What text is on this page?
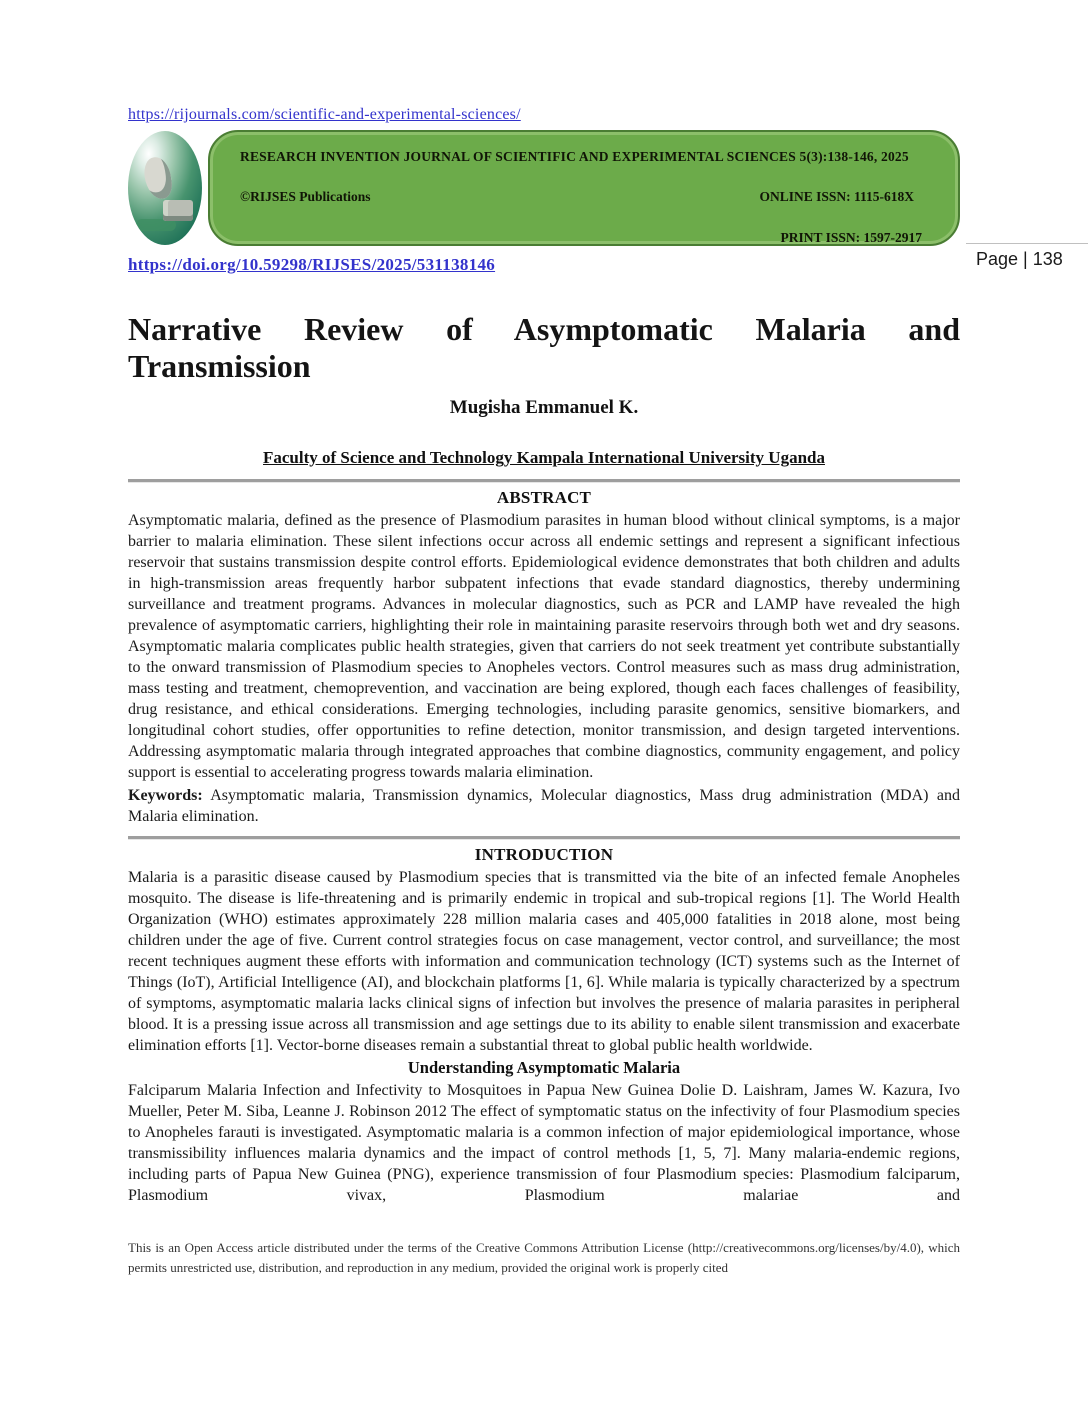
https://rijournals.com/scientific-and-experimental-sciences/
RESEARCH INVENTION JOURNAL OF SCIENTIFIC AND EXPERIMENTAL SCIENCES 5(3):138-146, 2025
©RIJSES Publications	ONLINE ISSN: 1115-618X
PRINT ISSN: 1597-2917
https://doi.org/10.59298/RIJSES/2025/531138146	Page | 138
Narrative Review of Asymptomatic Malaria and Transmission
Mugisha Emmanuel K.
Faculty of Science and Technology Kampala International University Uganda
ABSTRACT

Asymptomatic malaria, defined as the presence of Plasmodium parasites in human blood without clinical symptoms, is a major barrier to malaria elimination. These silent infections occur across all endemic settings and represent a significant infectious reservoir that sustains transmission despite control efforts. Epidemiological evidence demonstrates that both children and adults in high-transmission areas frequently harbor subpatent infections that evade standard diagnostics, thereby undermining surveillance and treatment programs. Advances in molecular diagnostics, such as PCR and LAMP have revealed the high prevalence of asymptomatic carriers, highlighting their role in maintaining parasite reservoirs through both wet and dry seasons. Asymptomatic malaria complicates public health strategies, given that carriers do not seek treatment yet contribute substantially to the onward transmission of Plasmodium species to Anopheles vectors. Control measures such as mass drug administration, mass testing and treatment, chemoprevention, and vaccination are being explored, though each faces challenges of feasibility, drug resistance, and ethical considerations. Emerging technologies, including parasite genomics, sensitive biomarkers, and longitudinal cohort studies, offer opportunities to refine detection, monitor transmission, and design targeted interventions. Addressing asymptomatic malaria through integrated approaches that combine diagnostics, community engagement, and policy support is essential to accelerating progress towards malaria elimination.

Keywords: Asymptomatic malaria, Transmission dynamics, Molecular diagnostics, Mass drug administration (MDA) and Malaria elimination.

INTRODUCTION

Malaria is a parasitic disease caused by Plasmodium species that is transmitted via the bite of an infected female Anopheles mosquito. The disease is life-threatening and is primarily endemic in tropical and sub-tropical regions [1]. The World Health Organization (WHO) estimates approximately 228 million malaria cases and 405,000 fatalities in 2018 alone, most being children under the age of five. Current control strategies focus on case management, vector control, and surveillance; the most recent techniques augment these efforts with information and communication technology (ICT) systems such as the Internet of Things (IoT), Artificial Intelligence (AI), and blockchain platforms [1, 6]. While malaria is typically characterized by a spectrum of symptoms, asymptomatic malaria lacks clinical signs of infection but involves the presence of malaria parasites in peripheral blood. It is a pressing issue across all transmission and age settings due to its ability to enable silent transmission and exacerbate elimination efforts [1]. Vector-borne diseases remain a substantial threat to global public health worldwide.

Understanding Asymptomatic Malaria

Falciparum Malaria Infection and Infectivity to Mosquitoes in Papua New Guinea Dolie D. Laishram, James W. Kazura, Ivo Mueller, Peter M. Siba, Leanne J. Robinson 2012 The effect of symptomatic status on the infectivity of four Plasmodium species to Anopheles farauti is investigated. Asymptomatic malaria is a common infection of major epidemiological importance, whose transmissibility influences malaria dynamics and the impact of control methods [1, 5, 7]. Many malaria-endemic regions, including parts of Papua New Guinea (PNG), experience transmission of four Plasmodium species: Plasmodium falciparum, Plasmodium vivax, Plasmodium malariae and

This is an Open Access article distributed under the terms of the Creative Commons Attribution License (http://creativecommons.org/licenses/by/4.0), which permits unrestricted use, distribution, and reproduction in any medium, provided the original work is properly cited
